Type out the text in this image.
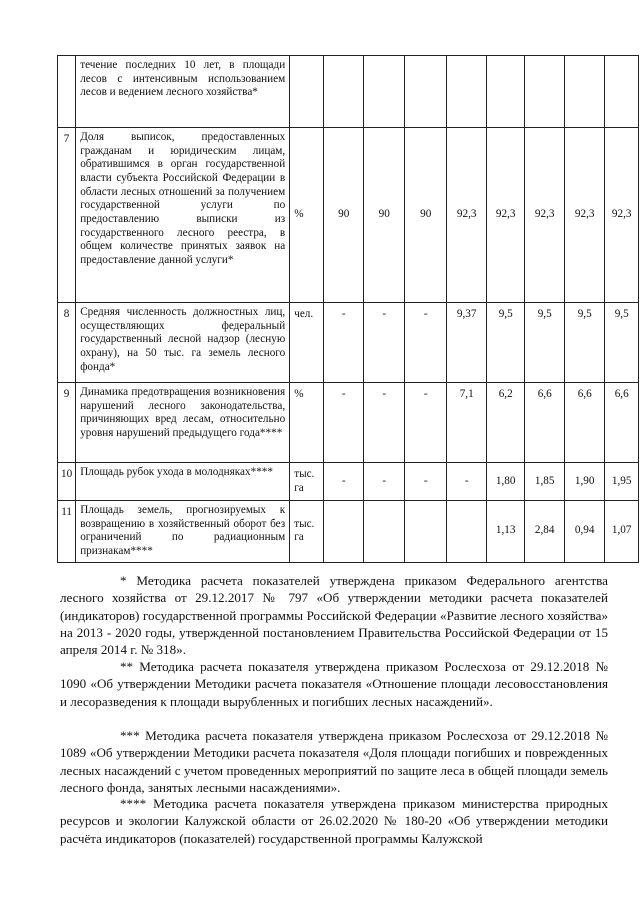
	течение последних 10 лет, в площади лесов с интенсивным использованием лесов и ведением лесного хозяйства*									
7	Доля выписок, предоставленных гражданам и юридическим лицам, обратившимся в орган государственной власти субъекта Российской Федерации в области лесных отношений за получением государственной услуги по предоставлению выписки из государственного лесного реестра, в общем количестве принятых заявок на предоставление данной услуги*	%	90	90	90	92,3	92,3	92,3	92,3	92,3
8	Средняя численность должностных лиц, осуществляющих федеральный государственный лесной надзор (лесную охрану), на 50 тыс. га земель лесного фонда*	чел.	-	-	-	9,37	9,5	9,5	9,5	9,5
9	Динамика предотвращения возникновения нарушений лесного законодательства, причиняющих вред лесам, относительно уровня нарушений предыдущего года****	%	-	-	-	7,1	6,2	6,6	6,6	6,6
10	Площадь рубок ухода в молодняках****	тыс. га	-	-	-	-	1,80	1,85	1,90	1,95
11	Площадь земель, прогнозируемых к возвращению в хозяйственный оборот без ограничений по радиационным признакам****	тыс. га					1,13	2,84	0,94	1,07

* Методика расчета показателей утверждена приказом Федерального агентства лесного хозяйства от 29.12.2017 № 797 «Об утверждении методики расчета показателей (индикаторов) государственной программы Российской Федерации «Развитие лесного хозяйства» на 2013 - 2020 годы, утвержденной постановлением Правительства Российской Федерации от 15 апреля 2014 г. № 318».

** Методика расчета показателя утверждена приказом Рослесхоза от 29.12.2018 № 1090 «Об утверждении Методики расчета показателя «Отношение площади лесовосстановления и лесоразведения к площади вырубленных и погибших лесных насаждений».

*** Методика расчета показателя утверждена приказом Рослесхоза от 29.12.2018 № 1089 «Об утверждении Методики расчета показателя «Доля площади погибших и поврежденных лесных насаждений с учетом проведенных мероприятий по защите леса в общей площади земель лесного фонда, занятых лесными насаждениями».

**** Методика расчета показателя утверждена приказом министерства природных ресурсов и экологии Калужской области от 26.02.2020 № 180-20 «Об утверждении методики расчёта индикаторов (показателей) государственной программы Калужской
